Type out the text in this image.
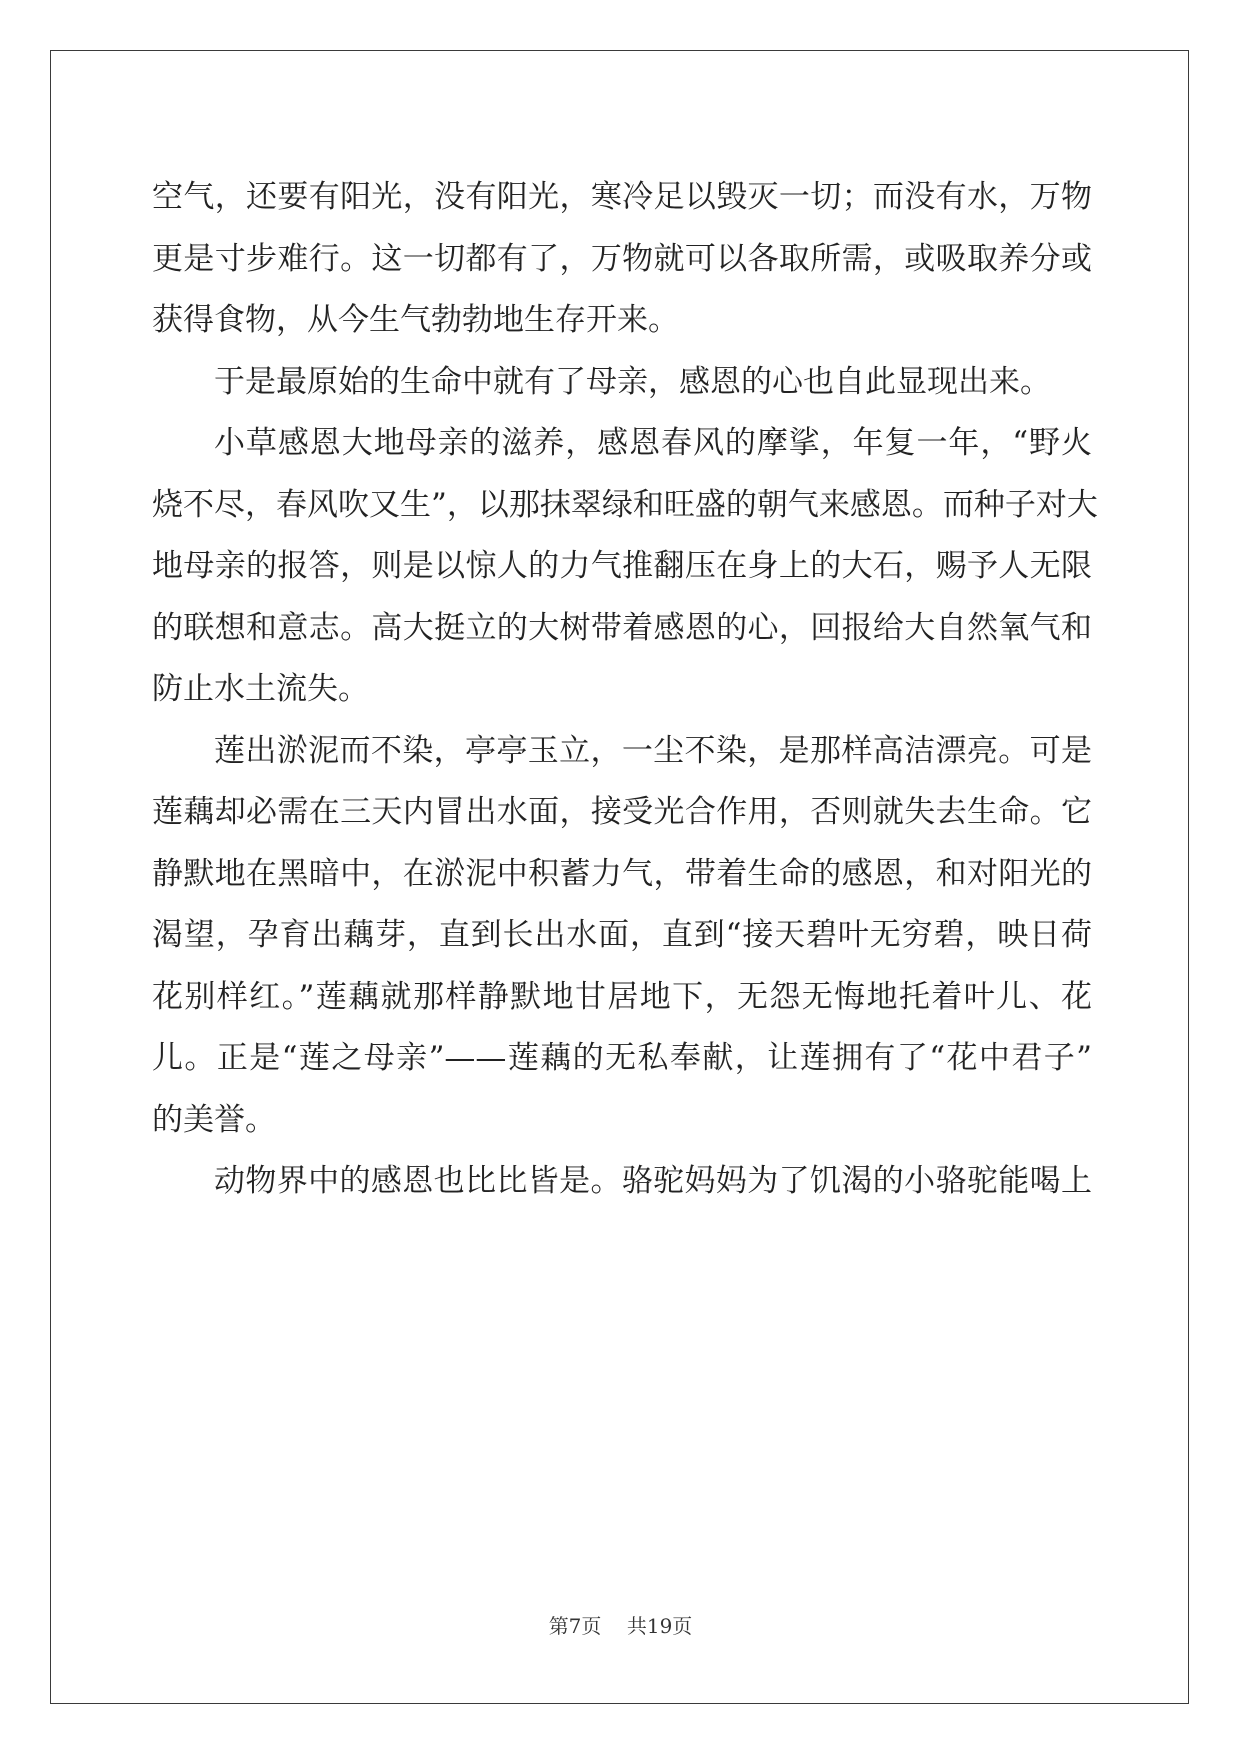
空气，还要有阳光，没有阳光，寒冷足以毁灭一切；而没有水，万物
更是寸步难行。这一切都有了，万物就可以各取所需，或吸取养分或
获得食物，从今生气勃勃地生存开来。
于是最原始的生命中就有了母亲，感恩的心也自此显现出来。
小草感恩大地母亲的滋养，感恩春风的摩挲，年复一年，“野火
烧不尽，春风吹又生”，以那抹翠绿和旺盛的朝气来感恩。而种子对大
地母亲的报答，则是以惊人的力气推翻压在身上的大石，赐予人无限
的联想和意志。高大挺立的大树带着感恩的心，回报给大自然氧气和
防止水土流失。
莲出淤泥而不染，亭亭玉立，一尘不染，是那样高洁漂亮。可是
莲藕却必需在三天内冒出水面，接受光合作用，否则就失去生命。它
静默地在黑暗中，在淤泥中积蓄力气，带着生命的感恩，和对阳光的
渴望，孕育出藕芽，直到长出水面，直到“接天碧叶无穷碧，映日荷
花别样红。”莲藕就那样静默地甘居地下，无怨无悔地托着叶儿、花
儿。正是“莲之母亲”——莲藕的无私奉献，让莲拥有了“花中君子”
的美誉。
动物界中的感恩也比比皆是。骆驼妈妈为了饥渴的小骆驼能喝上
第7页 共19页
